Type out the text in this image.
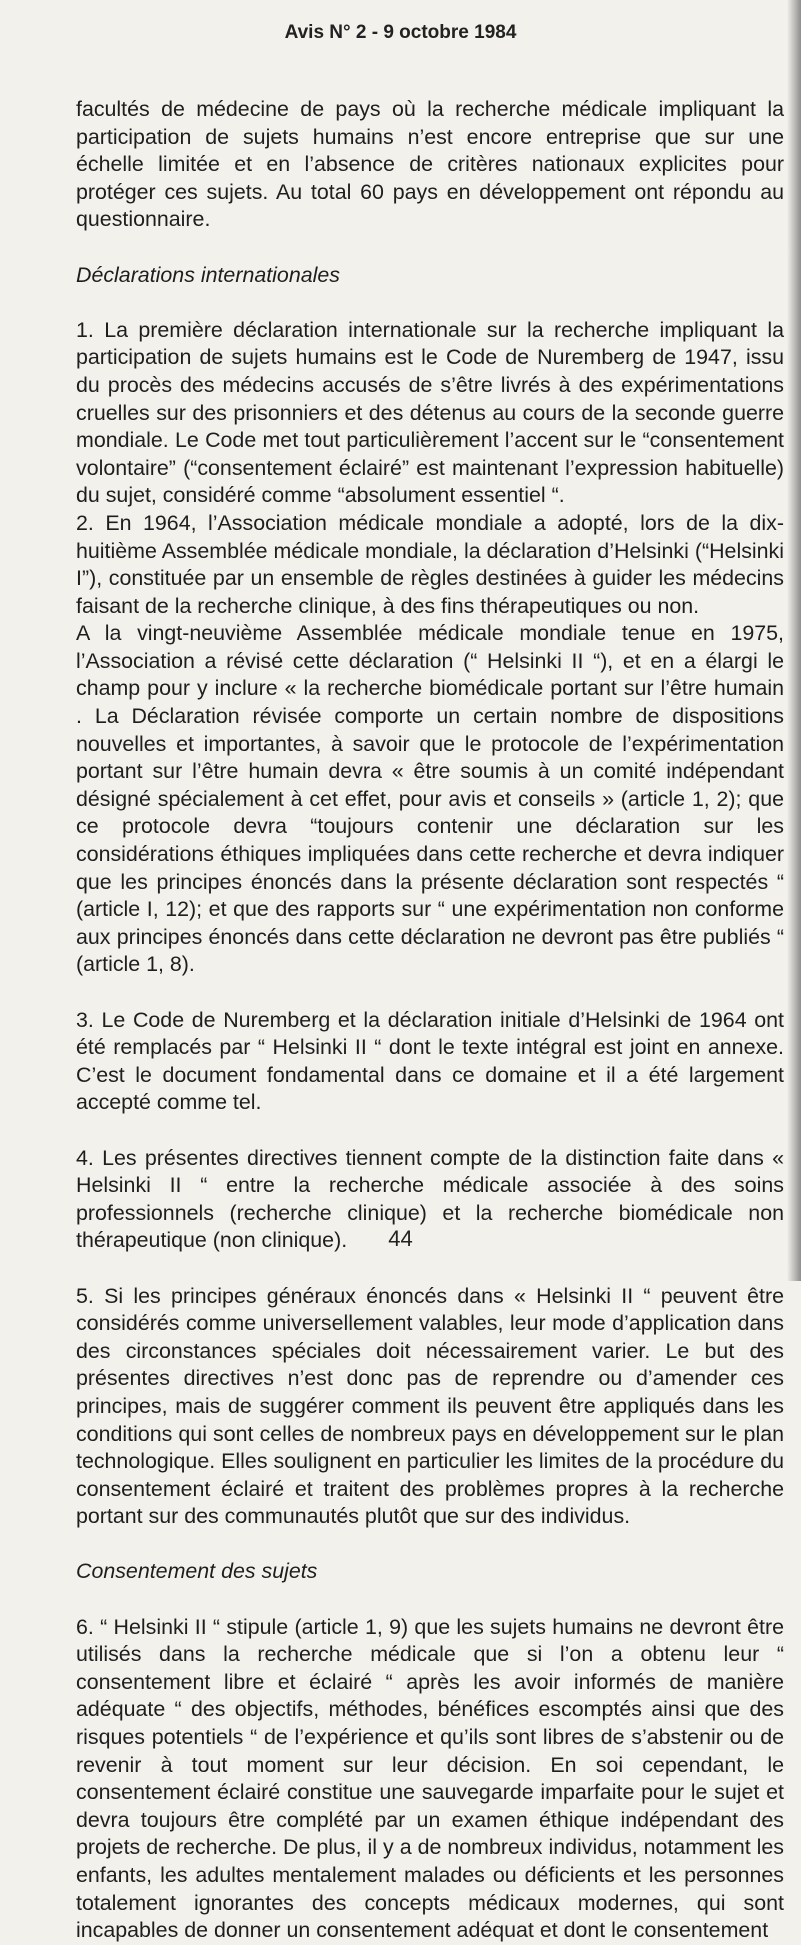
Avis N° 2 - 9 octobre 1984

facultés de médecine de pays où la recherche médicale impliquant la participation de sujets humains n’est encore entreprise que sur une échelle limitée et en l’absence de critères nationaux explicites pour protéger ces sujets. Au total 60 pays en développement ont répondu au questionnaire.

Déclarations internationales

1. La première déclaration internationale sur la recherche impliquant la participation de sujets humains est le Code de Nuremberg de 1947, issu du procès des médecins accusés de s’être livrés à des expérimentations cruelles sur des prisonniers et des détenus au cours de la seconde guerre mondiale. Le Code met tout particulièrement l’accent sur le “consentement volontaire” (“consentement éclairé” est maintenant l’expression habituelle) du sujet, considéré comme “absolument essentiel “.

2. En 1964, l’Association médicale mondiale a adopté, lors de la dix-huitième Assemblée médicale mondiale, la déclaration d’Helsinki (“Helsinki I”), constituée par un ensemble de règles destinées à guider les médecins faisant de la recherche clinique, à des fins thérapeutiques ou non.

A la vingt-neuvième Assemblée médicale mondiale tenue en 1975, l’Association a révisé cette déclaration (“ Helsinki II “), et en a élargi le champ pour y inclure « la recherche biomédicale portant sur l’être humain . La Déclaration révisée comporte un certain nombre de dispositions nouvelles et importantes, à savoir que le protocole de l’expérimentation portant sur l’être humain devra « être soumis à un comité indépendant désigné spécialement à cet effet, pour avis et conseils » (article 1, 2); que ce protocole devra “toujours contenir une déclaration sur les considérations éthiques impliquées dans cette recherche et devra indiquer que les principes énoncés dans la présente déclaration sont respectés “ (article I, 12); et que des rapports sur “ une expérimentation non conforme aux principes énoncés dans cette déclaration ne devront pas être publiés “ (article 1, 8).

3. Le Code de Nuremberg et la déclaration initiale d’Helsinki de 1964 ont été remplacés par “ Helsinki II “ dont le texte intégral est joint en annexe. C’est le document fondamental dans ce domaine et il a été largement accepté comme tel.

4. Les présentes directives tiennent compte de la distinction faite dans « Helsinki II “ entre la recherche médicale associée à des soins professionnels (recherche clinique) et la recherche biomédicale non thérapeutique (non clinique).

5. Si les principes généraux énoncés dans « Helsinki II “ peuvent être considérés comme universellement valables, leur mode d’application dans des circonstances spéciales doit nécessairement varier. Le but des présentes directives n’est donc pas de reprendre ou d’amender ces principes, mais de suggérer comment ils peuvent être appliqués dans les conditions qui sont celles de nombreux pays en développement sur le plan technologique. Elles soulignent en particulier les limites de la procédure du consentement éclairé et traitent des problèmes propres à la recherche portant sur des communautés plutôt que sur des individus.

Consentement des sujets

6. “ Helsinki II “ stipule (article 1, 9) que les sujets humains ne devront être utilisés dans la recherche médicale que si l’on a obtenu leur “ consentement libre et éclairé “ après les avoir informés de manière adéquate “ des objectifs, méthodes, bénéfices escomptés ainsi que des risques potentiels “ de l’expérience et qu’ils sont libres de s’abstenir ou de revenir à tout moment sur leur décision. En soi cependant, le consentement éclairé constitue une sauvegarde imparfaite pour le sujet et devra toujours être complété par un examen éthique indépendant des projets de recherche. De plus, il y a de nombreux individus, notamment les enfants, les adultes mentalement malades ou déficients et les personnes totalement ignorantes des concepts médicaux modernes, qui sont incapables de donner un consentement adéquat et dont le consentement

44
